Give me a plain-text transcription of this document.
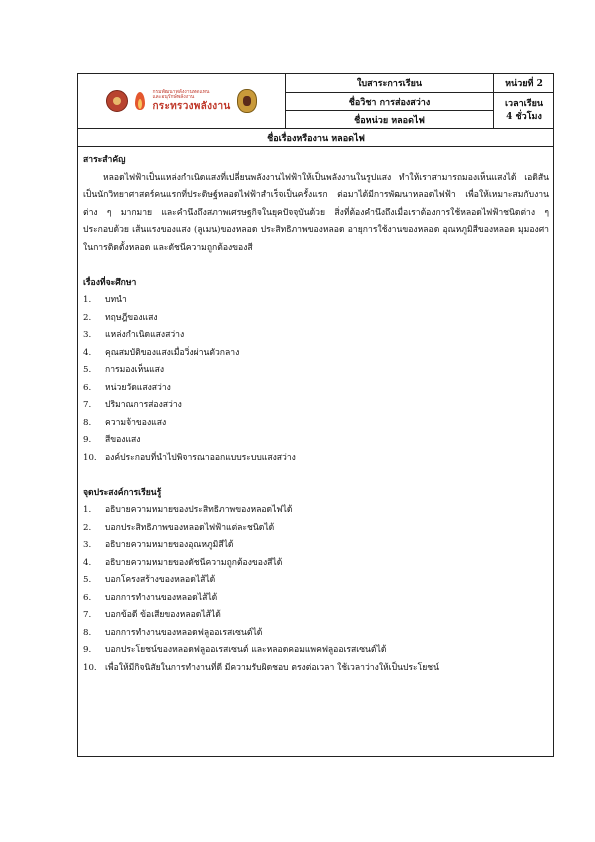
กรมพัฒนาพลังงานทดแทน
และอนุรักษ์พลังงาน
กระทรวงพลังงาน
ใบสาระการเรียน	หน่วยที่ 2
ชื่อวิชา การส่องสว่าง
ชื่อหน่วย หลอดไฟ
เวลาเรียน
4 ชั่วโมง
ชื่อเรื่องหรืองาน หลอดไฟ
สาระสำคัญ
หลอดไฟฟ้าเป็นแหล่งกำเนิดแสงที่เปลี่ยนพลังงานไฟฟ้าให้เป็นพลังงานในรูปแสง ทำให้เราสามารถมองเห็นแสงได้ เอดิสัน เป็นนักวิทยาศาสตร์คนแรกที่ประดิษฐ์หลอดไฟฟ้าสำเร็จเป็นครั้งแรก ต่อมาได้มีการพัฒนาหลอดไฟฟ้า เพื่อให้เหมาะสมกับงานต่าง ๆ มากมาย และคำนึงถึงสภาพเศรษฐกิจในยุคปัจจุบันด้วย สิ่งที่ต้องคำนึงถึงเมื่อเราต้องการใช้หลอดไฟฟ้าชนิดต่าง ๆ ประกอบด้วย เส้นแรงของแสง (ลูเมน)ของหลอด ประสิทธิภาพของหลอด อายุการใช้งานของหลอด อุณหภูมิสีของหลอด มุมองศาในการติดตั้งหลอด และดัชนีความถูกต้องของสี
เรื่องที่จะศึกษา
1.	บทนำ
2.	ทฤษฎีของแสง
3.	แหล่งกำเนิดแสงสว่าง
4.	คุณสมบัติของแสงเมื่อวิ่งผ่านตัวกลาง
5.	การมองเห็นแสง
6.	หน่วยวัดแสงสว่าง
7.	ปริมาณการส่องสว่าง
8.	ความจ้าของแสง
9.	สีของแสง
10. องค์ประกอบที่นำไปพิจารณาออกแบบระบบแสงสว่าง
จุดประสงค์การเรียนรู้
1.	อธิบายความหมายของประสิทธิภาพของหลอดไฟได้
2.	บอกประสิทธิภาพของหลอดไฟฟ้าแต่ละชนิดได้
3.	อธิบายความหมายของอุณหภูมิสีได้
4.	อธิบายความหมายของดัชนีความถูกต้องของสีได้
5.	บอกโครงสร้างของหลอดไส้ได้
6.	บอกการทำงานของหลอดไส้ได้
7.	บอกข้อดี ข้อเสียของหลอดไส้ได้
8.	บอกการทำงานของหลอดฟลูออเรสเซนต์ได้
9.	บอกประโยชน์ของหลอดฟลูออเรสเซนต์ และหลอดคอมแพคฟลูออเรสเซนต์ได้
10. เพื่อให้มีกิจนิสัยในการทำงานที่ดี มีความรับผิดชอบ ตรงต่อเวลา ใช้เวลาว่างให้เป็นประโยชน์
